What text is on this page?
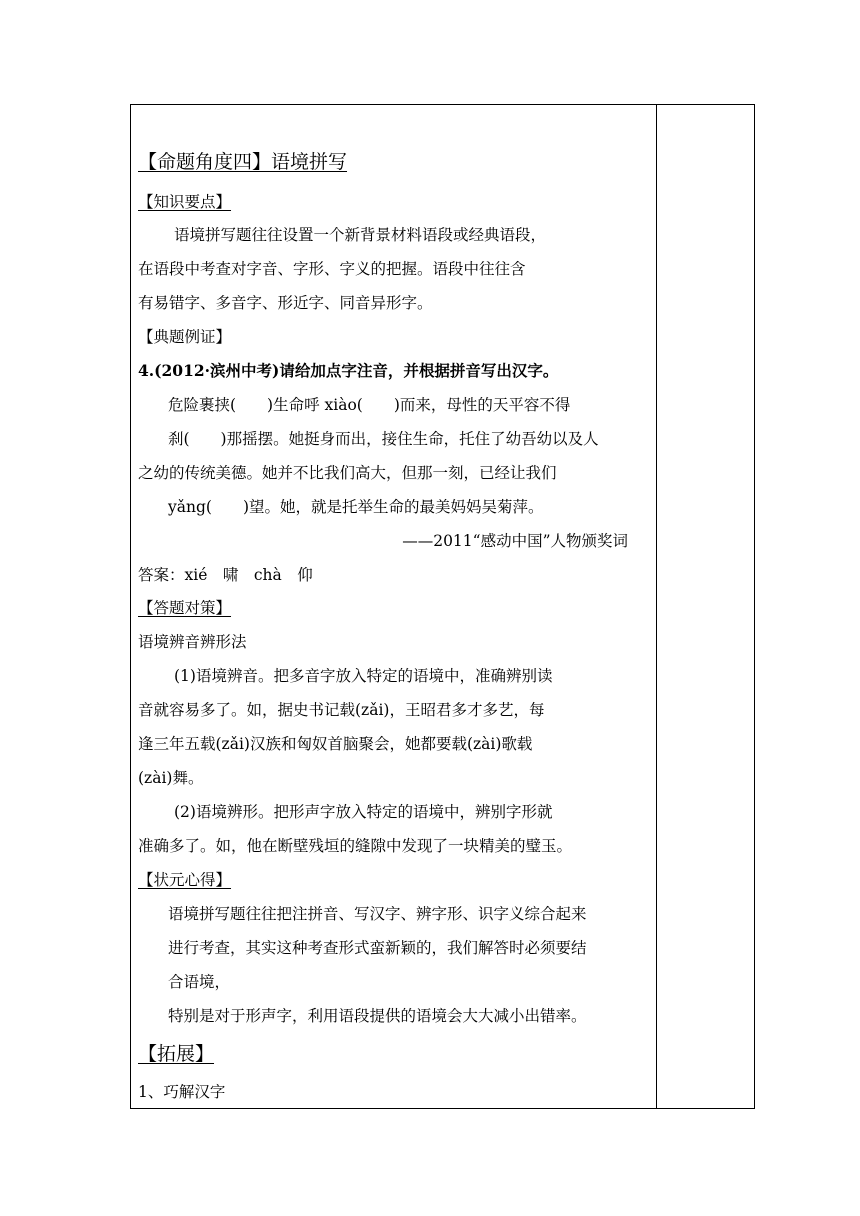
【命题角度四】语境拼写
【知识要点】
语境拼写题往往设置一个新背景材料语段或经典语段，
在语段中考查对字音、字形、字义的把握。语段中往往含
有易错字、多音字、形近字、同音异形字。
【典题例证】
4.(2012·滨州中考)请给加点字注音，并根据拼音写出汉字。
危险裹挟(　　)生命呼 xiào(　　)而来，母性的天平容不得
刹(　　)那摇摆。她挺身而出，接住生命，托住了幼吾幼以及人
之幼的传统美德。她并不比我们高大，但那一刻，已经让我们
yǎng(　　)望。她，就是托举生命的最美妈妈吴菊萍。
——2011“感动中国”人物颁奖词
答案：xié　啸　chà　仰
【答题对策】
语境辨音辨形法
(1)语境辨音。把多音字放入特定的语境中，准确辨别读
音就容易多了。如，据史书记载(zǎi)，王昭君多才多艺，每
逢三年五载(zǎi)汉族和匈奴首脑聚会，她都要载(zài)歌载
(zài)舞。
(2)语境辨形。把形声字放入特定的语境中，辨别字形就
准确多了。如，他在断壁残垣的缝隙中发现了一块精美的璧玉。
【状元心得】
语境拼写题往往把注拼音、写汉字、辨字形、识字义综合起来
进行考查，其实这种考查形式蛮新颖的，我们解答时必须要结
合语境，
特别是对于形声字，利用语段提供的语境会大大减小出错率。
【拓展】
1、巧解汉字
